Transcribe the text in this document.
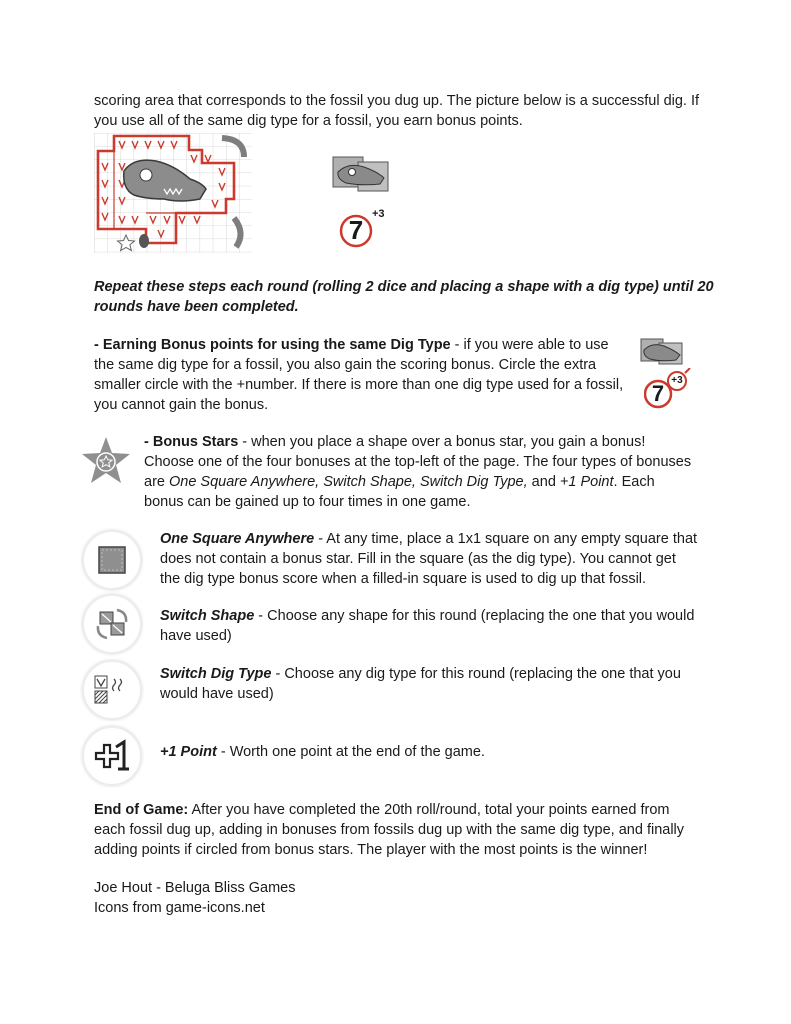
scoring area that corresponds to the fossil you dug up. The picture below is a successful dig. If
you use all of the same dig type for a fossil, you earn bonus points.
7
+3
Repeat these steps each round (rolling 2 dice and placing a shape with a dig type) until 20 rounds have been completed.
- Earning Bonus points for using the same Dig Type - if you were able to use the same dig type for a fossil, you also gain the scoring bonus. Circle the extra smaller circle with the +number. If there is more than one dig type used for a fossil, you cannot gain the bonus.	7
+3
- Bonus Stars - when you place a shape over a bonus star, you gain a bonus! Choose one of the four bonuses at the top-left of the page. The four types of bonuses are One Square Anywhere, Switch Shape, Switch Dig Type, and +1 Point. Each bonus can be gained up to four times in one game.
One Square Anywhere - At any time, place a 1x1 square on any empty square that does not contain a bonus star. Fill in the square (as the dig type). You cannot get the dig type bonus score when a filled-in square is used to dig up that fossil.
Switch Shape - Choose any shape for this round (replacing the one that you would have used)
Switch Dig Type - Choose any dig type for this round (replacing the one that you would have used)
+1 Point - Worth one point at the end of the game.
End of Game: After you have completed the 20th roll/round, total your points earned from each fossil dug up, adding in bonuses from fossils dug up with the same dig type, and finally adding points if circled from bonus stars. The player with the most points is the winner!
Joe Hout - Beluga Bliss Games
Icons from game-icons.net
